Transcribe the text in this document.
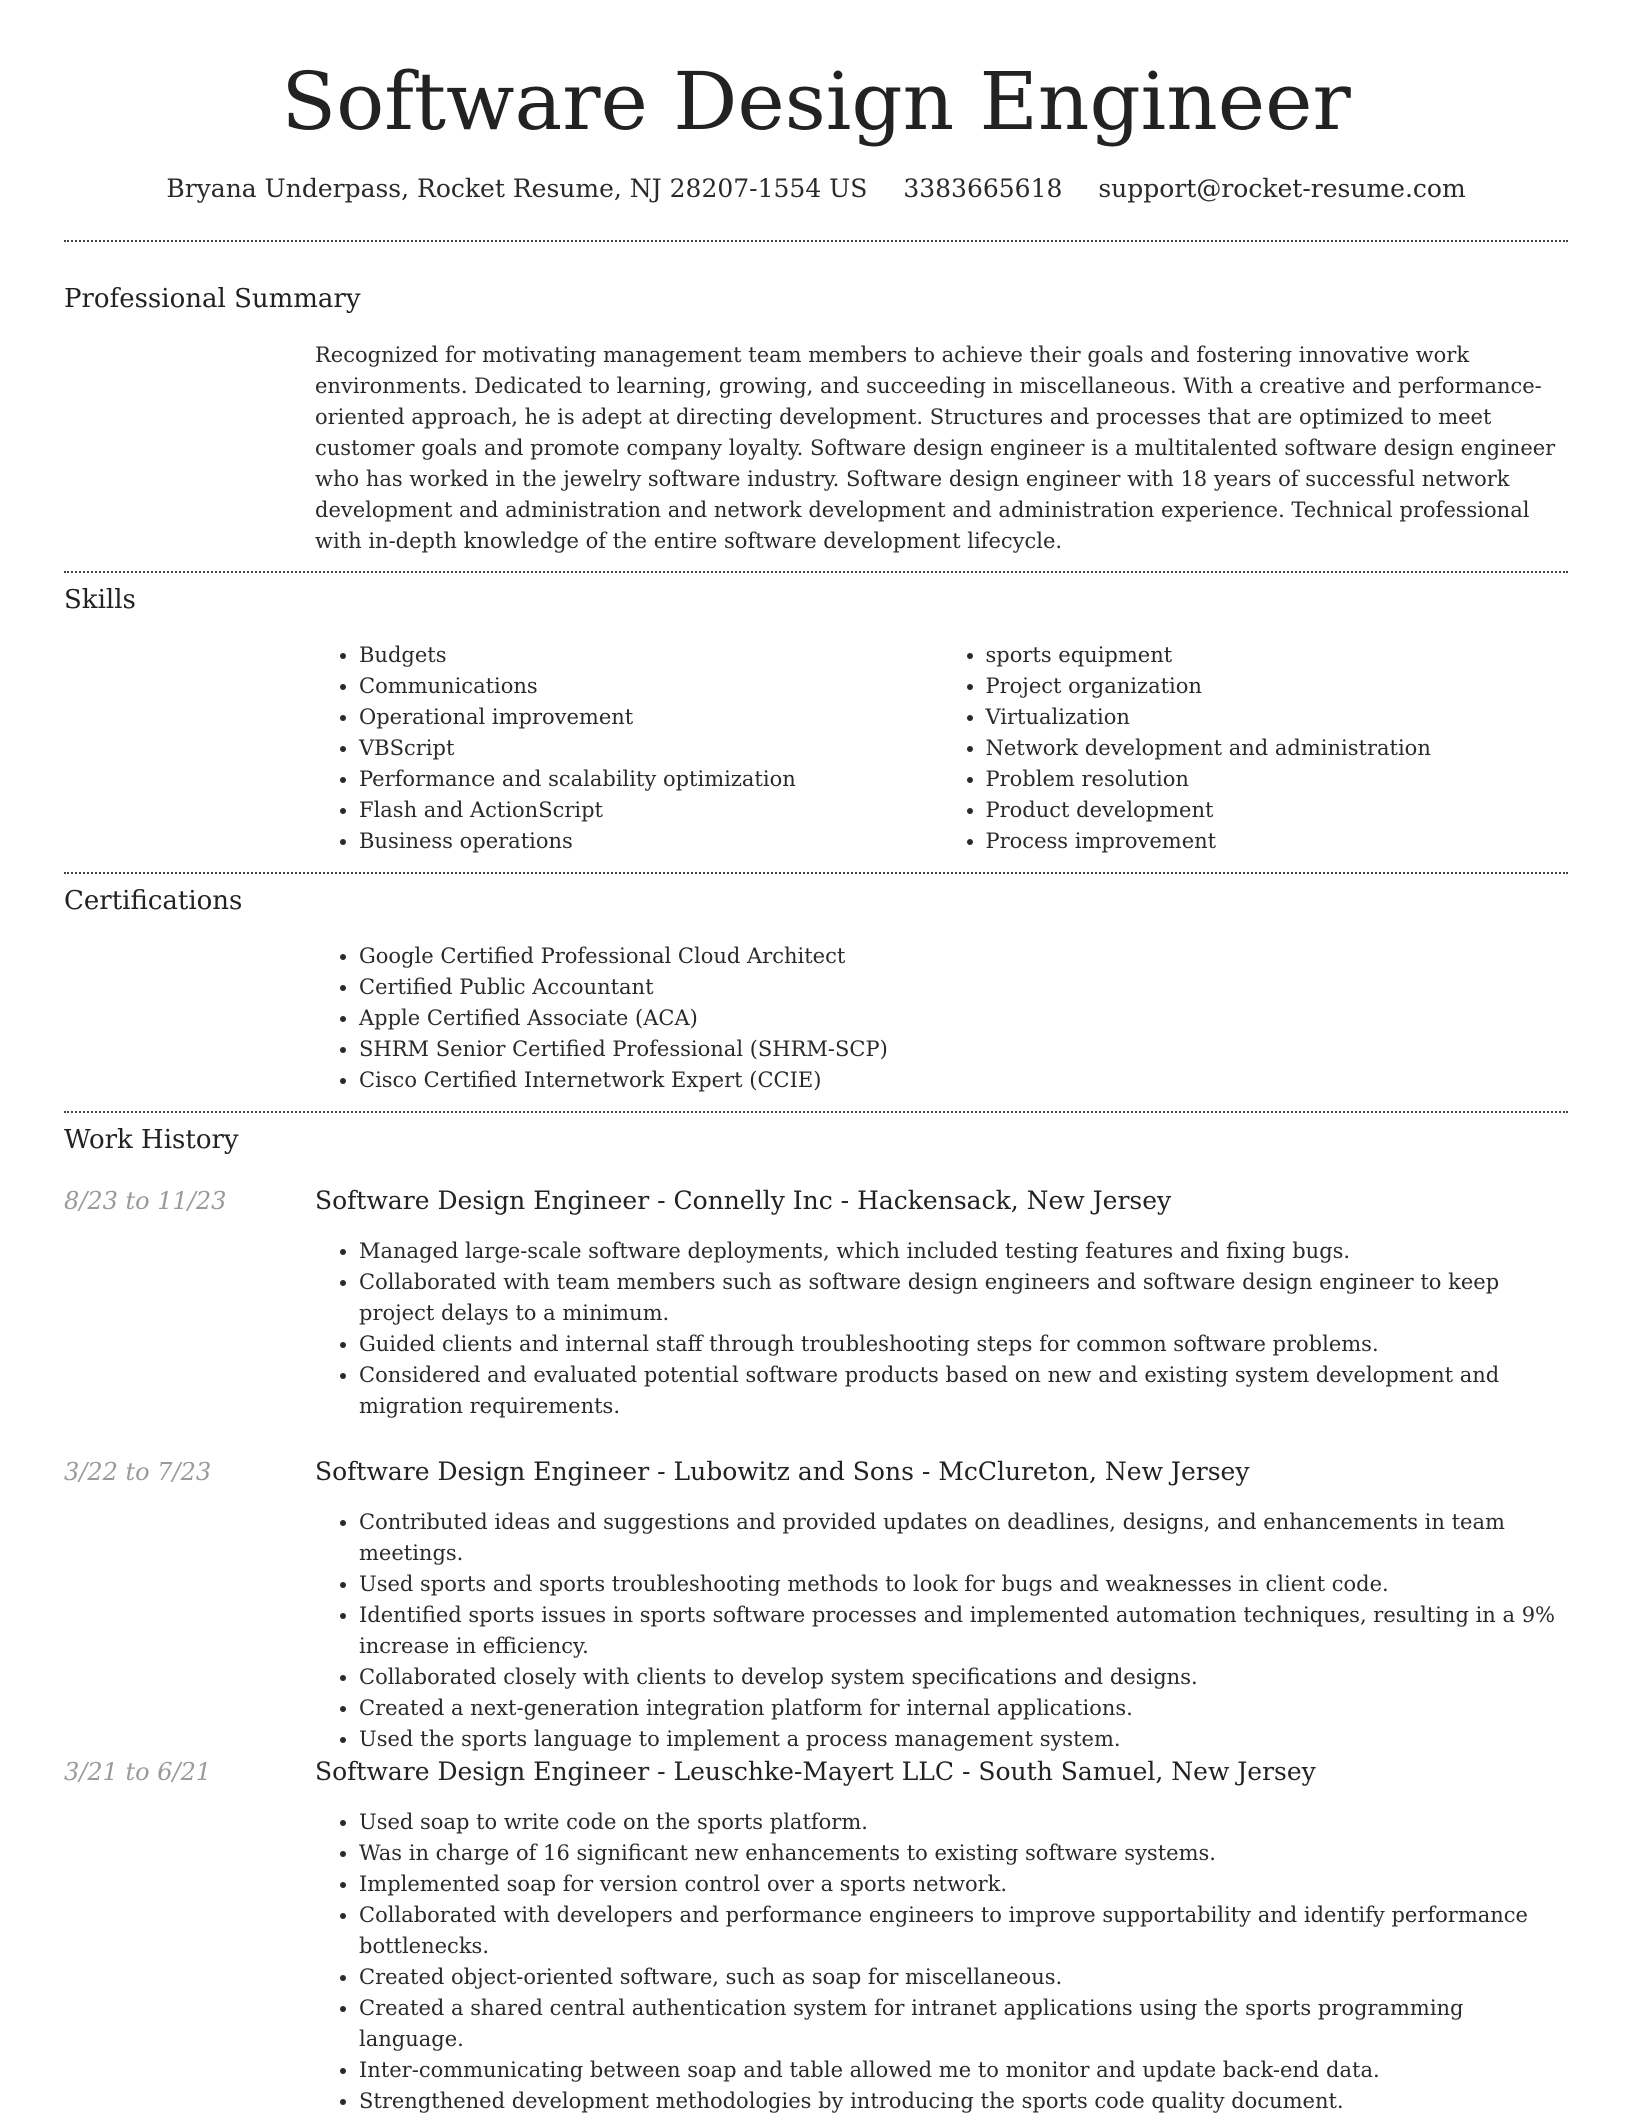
Software Design Engineer
Bryana Underpass, Rocket Resume, NJ 28207-1554 US 3383665618 support@rocket-resume.com
Professional Summary

Recognized for motivating management team members to achieve their goals and fostering innovative work environments. Dedicated to learning, growing, and succeeding in miscellaneous. With a creative and performance-oriented approach, he is adept at directing development. Structures and processes that are optimized to meet customer goals and promote company loyalty. Software design engineer is a multitalented software design engineer who has worked in the jewelry software industry. Software design engineer with 18 years of successful network development and administration and network development and administration experience. Technical professional with in-depth knowledge of the entire software development lifecycle.

Skills
• Budgets
• Communications
• Operational improvement
• VBScript
• Performance and scalability optimization
• Flash and ActionScript
• Business operations
• sports equipment
• Project organization
• Virtualization
• Network development and administration
• Problem resolution
• Product development
• Process improvement
Certifications
• Google Certified Professional Cloud Architect
• Certified Public Accountant
• Apple Certified Associate (ACA)
• SHRM Senior Certified Professional (SHRM-SCP)
• Cisco Certified Internetwork Expert (CCIE)
Work History
8/23 to 11/23	Software Design Engineer - Connelly Inc - Hackensack, New Jersey
• Managed large-scale software deployments, which included testing features and fixing bugs.
• Collaborated with team members such as software design engineers and software design engineer to keep project delays to a minimum.
• Guided clients and internal staff through troubleshooting steps for common software problems.
• Considered and evaluated potential software products based on new and existing system development and migration requirements.
3/22 to 7/23	Software Design Engineer - Lubowitz and Sons - McClureton, New Jersey
• Contributed ideas and suggestions and provided updates on deadlines, designs, and enhancements in team meetings.
• Used sports and sports troubleshooting methods to look for bugs and weaknesses in client code.
• Identified sports issues in sports software processes and implemented automation techniques, resulting in a 9% increase in efficiency.
• Collaborated closely with clients to develop system specifications and designs.
• Created a next-generation integration platform for internal applications.
• Used the sports language to implement a process management system.
3/21 to 6/21	Software Design Engineer - Leuschke-Mayert LLC - South Samuel, New Jersey
• Used soap to write code on the sports platform.
• Was in charge of 16 significant new enhancements to existing software systems.
• Implemented soap for version control over a sports network.
• Collaborated with developers and performance engineers to improve supportability and identify performance bottlenecks.
• Created object-oriented software, such as soap for miscellaneous.
• Created a shared central authentication system for intranet applications using the sports programming language.
• Inter-communicating between soap and table allowed me to monitor and update back-end data.
• Strengthened development methodologies by introducing the sports code quality document.
